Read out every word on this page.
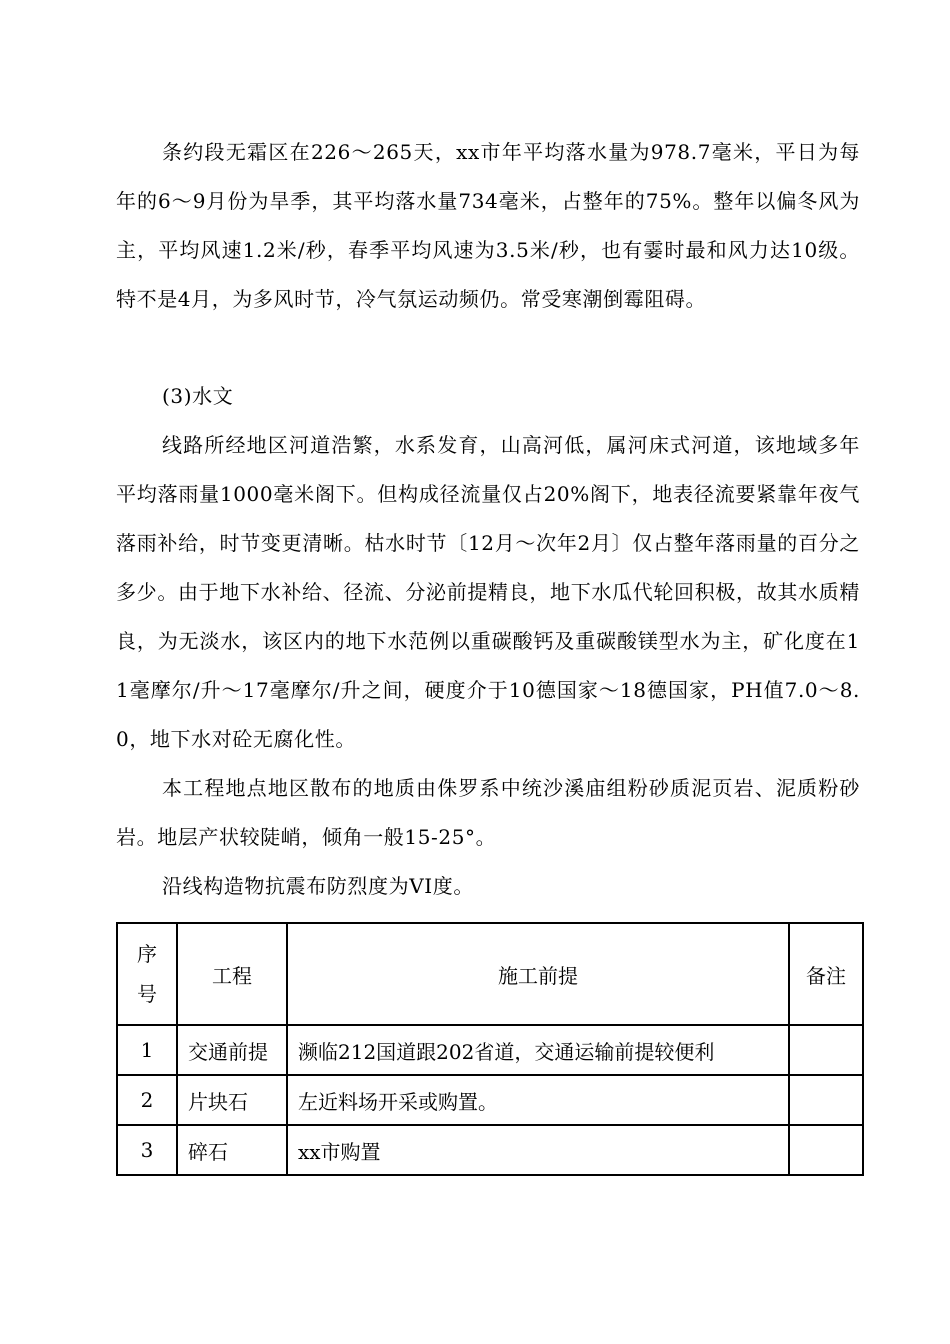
条约段无霜区在226～265天，xx市年平均落水量为978.7毫米，平日为每年的6～9月份为旱季，其平均落水量734毫米，占整年的75%。整年以偏冬风为主，平均风速1.2米/秒，春季平均风速为3.5米/秒，也有霎时最和风力达10级。特不是4月，为多风时节，冷气氛运动频仍。常受寒潮倒霉阻碍。

(3)水文

线路所经地区河道浩繁，水系发育，山高河低，属河床式河道，该地域多年平均落雨量1000毫米阁下。但构成径流量仅占20%阁下，地表径流要紧靠年夜气落雨补给，时节变更清晰。枯水时节〔12月～次年2月〕仅占整年落雨量的百分之多少。由于地下水补给、径流、分泌前提精良，地下水瓜代轮回积极，故其水质精良，为无淡水，该区内的地下水范例以重碳酸钙及重碳酸镁型水为主，矿化度在11毫摩尔/升～17毫摩尔/升之间，硬度介于10德国家～18德国家，PH值7.0～8.0，地下水对砼无腐化性。

本工程地点地区散布的地质由侏罗系中统沙溪庙组粉砂质泥页岩、泥质粉砂岩。地层产状较陡峭，倾角一般15-25°。

沿线构造物抗震布防烈度为VI度。

序号	工程	施工前提	备注
1	交通前提	濒临212国道跟202省道，交通运输前提较便利	
2	片块石	左近料场开采或购置。	
3	碎石	xx市购置	
